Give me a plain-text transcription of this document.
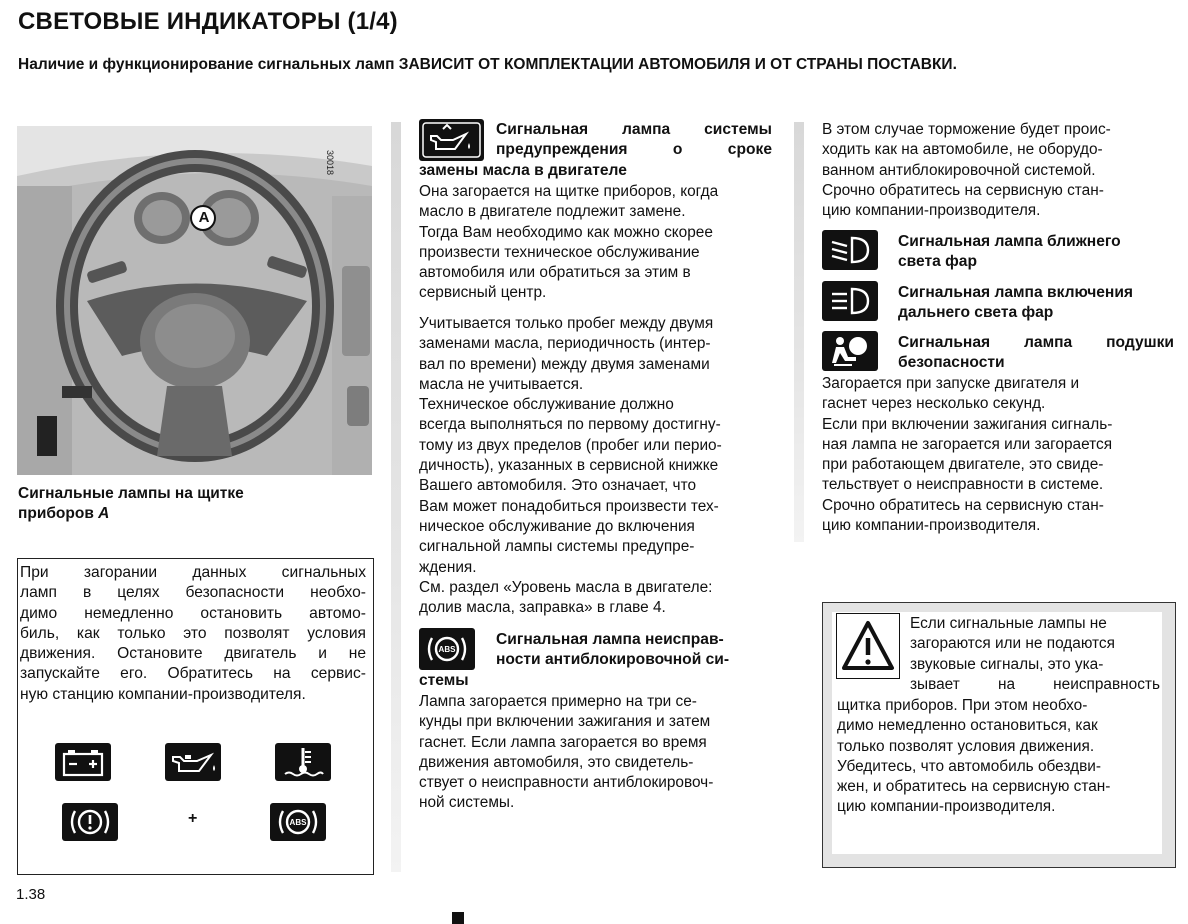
СВЕТОВЫЕ ИНДИКАТОРЫ (1/4)
Наличие и функционирование сигнальных ламп ЗАВИСИТ ОТ КОМПЛЕКТАЦИИ АВТОМОБИЛЯ И ОТ СТРАНЫ ПОСТАВКИ.
A
30018
Сигнальные лампы на щитке
приборов A
При загорании данных сигнальных
ламп в целях безопасности необхо-
димо немедленно остановить автомо-
биль, как только это позволят условия
движения. Остановите двигатель и не
запускайте его. Обратитесь на сервис-
ную станцию компании-производителя.
+	ABS
Сигнальная лампа системы
предупреждения о сроке
замены масла в двигателе
Она загорается на щитке приборов, когда
масло в двигателе подлежит замене.
Тогда Вам необходимо как можно скорее
произвести техническое обслуживание
автомобиля или обратиться за этим в
сервисный центр.
Учитывается только пробег между двумя
заменами масла, периодичность (интер-
вал по времени) между двумя заменами
масла не учитывается.
Техническое обслуживание должно
всегда выполняться по первому достигну-
тому из двух пределов (пробег или перио-
дичность), указанных в сервисной книжке
Вашего автомобиля. Это означает, что
Вам может понадобиться произвести тех-
ническое обслуживание до включения
сигнальной лампы системы предупре-
ждения.
См. раздел «Уровень масла в двигателе:
долив масла, заправка» в главе 4.
ABS
Сигнальная лампа неисправ-
ности антиблокировочной си-
стемы
Лампа загорается примерно на три се-
кунды при включении зажигания и затем
гаснет. Если лампа загорается во время
движения автомобиля, это свидетель-
ствует о неисправности антиблокировоч-
ной системы.
В этом случае торможение будет проис-
ходить как на автомобиле, не оборудо-
ванном антиблокировочной системой.
Срочно обратитесь на сервисную стан-
цию компании-производителя.
Сигнальная лампа ближнего
света фар
Сигнальная лампа включения
дальнего света фар
Сигнальная лампа подушки
безопасности
Загорается при запуске двигателя и
гаснет через несколько секунд.
Если при включении зажигания сигналь-
ная лампа не загорается или загорается
при работающем двигателе, это свиде-
тельствует о неисправности в системе.
Срочно обратитесь на сервисную стан-
цию компании-производителя.
Если сигнальные лампы не
загораются или не подаются
звуковые сигналы, это ука-
зывает на неисправность
щитка приборов. При этом необхо-
димо немедленно остановиться, как
только позволят условия движения.
Убедитесь, что автомобиль обездви-
жен, и обратитесь на сервисную стан-
цию компании-производителя.
1.38
